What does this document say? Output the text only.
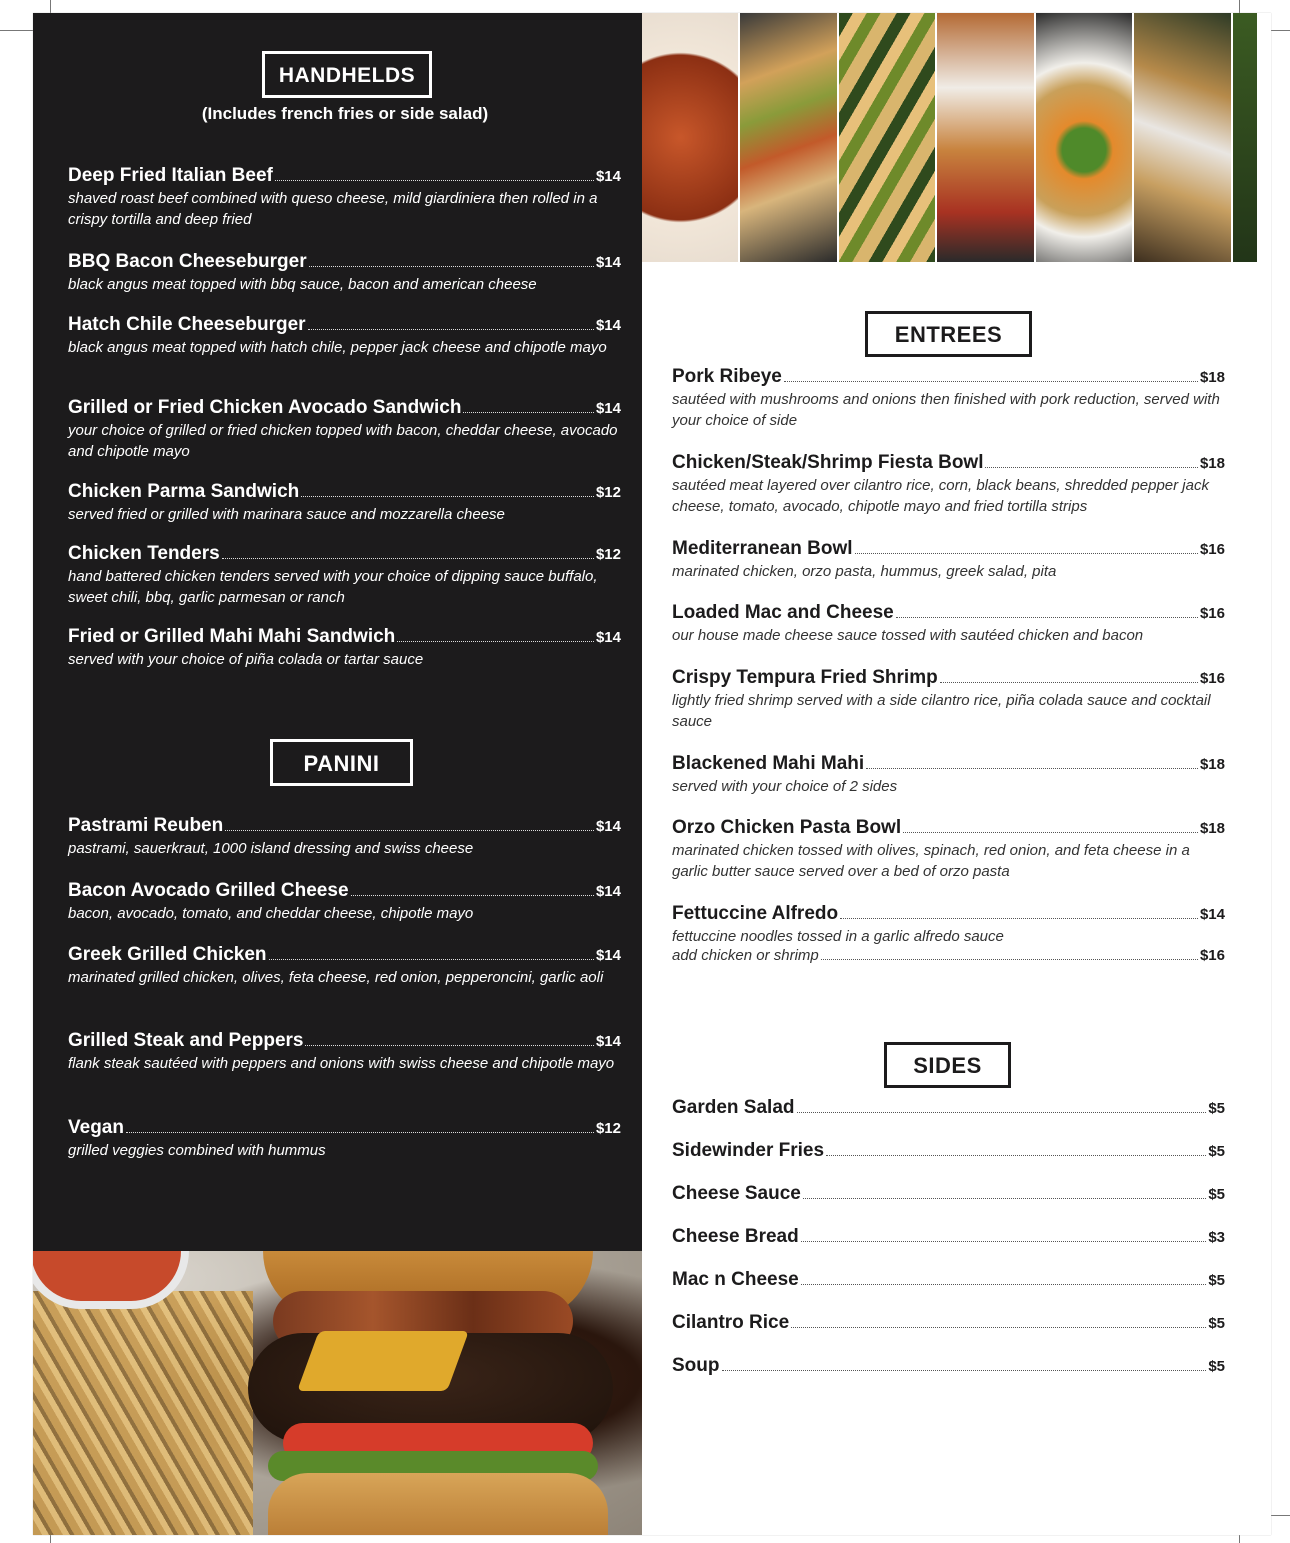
HANDHELDS
(Includes french fries or side salad)
Deep Fried Italian Beef	$14
shaved roast beef combined with queso cheese, mild giardiniera then rolled in a crispy tortilla and deep fried
BBQ Bacon Cheeseburger	$14
black angus meat topped with bbq sauce, bacon and american cheese
Hatch Chile Cheeseburger	$14
black angus meat topped with hatch chile, pepper jack cheese and chipotle mayo
Grilled or Fried Chicken Avocado Sandwich	$14
your choice of grilled or fried chicken topped with bacon, cheddar cheese, avocado and chipotle mayo
Chicken Parma Sandwich	$12
served fried or grilled with marinara sauce and mozzarella cheese
Chicken Tenders	$12
hand battered chicken tenders served with your choice of dipping sauce buffalo, sweet chili, bbq, garlic parmesan or ranch
Fried or Grilled Mahi Mahi Sandwich	$14
served with your choice of piña colada or tartar sauce
PANINI
Pastrami Reuben	$14
pastrami, sauerkraut, 1000 island dressing and swiss cheese
Bacon Avocado Grilled Cheese	$14
bacon, avocado, tomato, and cheddar cheese, chipotle mayo
Greek Grilled Chicken	$14
marinated grilled chicken, olives, feta cheese, red onion, pepperoncini, garlic aoli
Grilled Steak and Peppers	$14
flank steak sautéed with peppers and onions with swiss cheese and chipotle mayo
Vegan	$12
grilled veggies combined with hummus
ENTREES
Pork Ribeye	$18
sautéed with mushrooms and onions then finished with pork reduction, served with your choice of side
Chicken/Steak/Shrimp Fiesta Bowl	$18
sautéed meat layered over cilantro rice, corn, black beans, shredded pepper jack cheese, tomato, avocado, chipotle mayo and fried tortilla strips
Mediterranean Bowl	$16
marinated chicken, orzo pasta, hummus, greek salad, pita
Loaded Mac and Cheese	$16
our house made cheese sauce tossed with sautéed chicken and bacon
Crispy Tempura Fried Shrimp	$16
lightly fried shrimp served with a side cilantro rice, piña colada sauce and cocktail sauce
Blackened Mahi Mahi	$18
served with your choice of 2 sides
Orzo Chicken Pasta Bowl	$18
marinated chicken tossed with olives, spinach, red onion, and feta cheese in a garlic butter sauce served over a bed of orzo pasta
Fettuccine Alfredo	$14
fettuccine noodles tossed in a garlic alfredo sauce
add chicken or shrimp	$16
SIDES
Garden Salad	$5
Sidewinder Fries	$5
Cheese Sauce	$5
Cheese Bread	$3
Mac n Cheese	$5
Cilantro Rice	$5
Soup	$5
